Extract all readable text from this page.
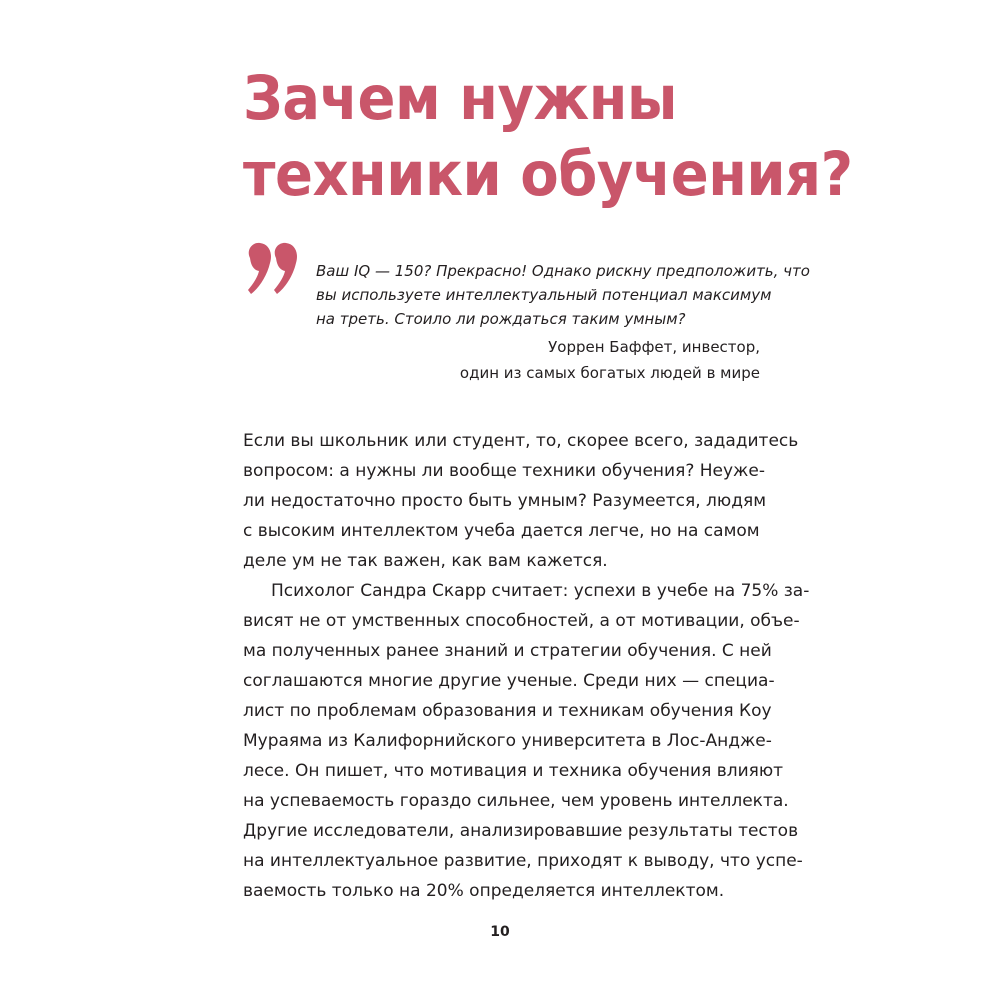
Зачем нужны
техники обучения?
Ваш IQ — 150? Прекрасно! Однако рискну предположить, что
вы используете интеллектуальный потенциал максимум
на треть. Стоило ли рождаться таким умным?
Уоррен Баффет, инвестор,
один из самых богатых людей в мире
Если вы школьник или студент, то, скорее всего, зададитесь
вопросом: а нужны ли вообще техники обучения? Неуже-
ли недостаточно просто быть умным? Разумеется, людям
с высоким интеллектом учеба дается легче, но на самом
деле ум не так важен, как вам кажется.
Психолог Сандра Скарр считает: успехи в учебе на 75% за-
висят не от умственных способностей, а от мотивации, объе-
ма полученных ранее знаний и стратегии обучения. С ней
соглашаются многие другие ученые. Среди них — специа-
лист по проблемам образования и техникам обучения Коу
Мураяма из Калифорнийского университета в Лос-Андже-
лесе. Он пишет, что мотивация и техника обучения влияют
на успеваемость гораздо сильнее, чем уровень интеллекта.
Другие исследователи, анализировавшие результаты тестов
на интеллектуальное развитие, приходят к выводу, что успе-
ваемость только на 20% определяется интеллектом.
10
